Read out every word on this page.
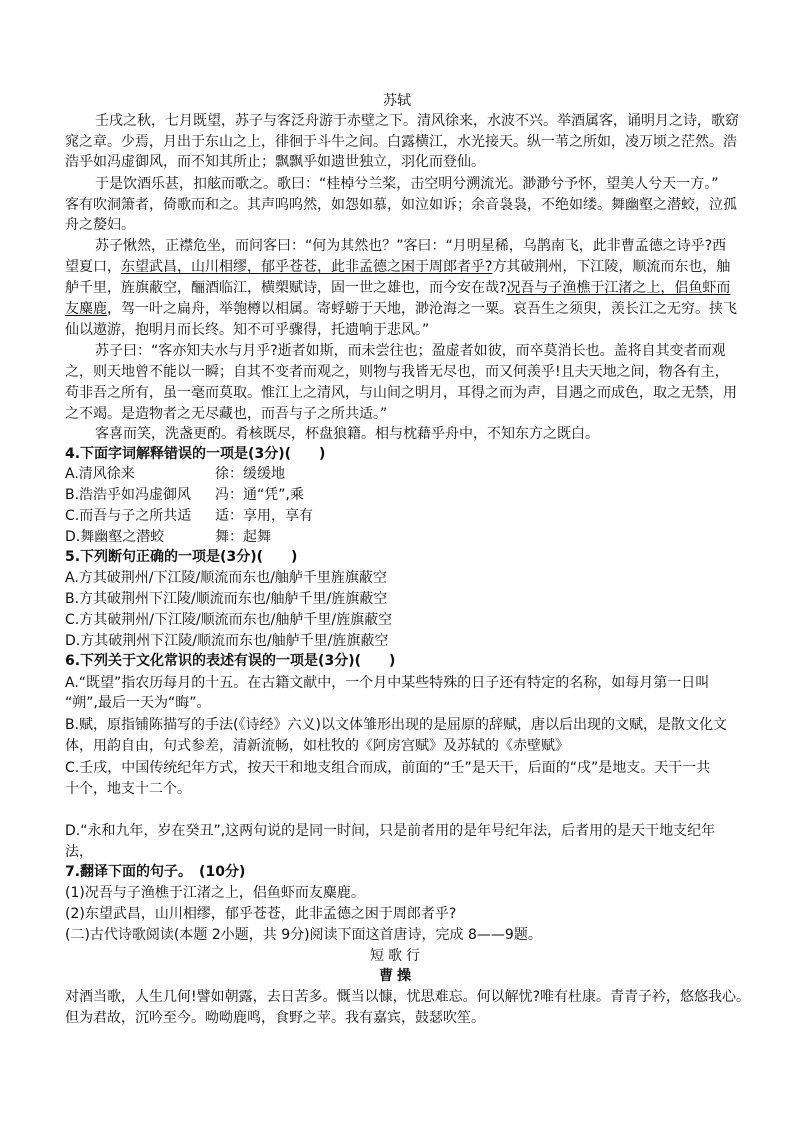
苏轼
壬戌之秋，七月既望，苏子与客泛舟游于赤壁之下。清风徐来，水波不兴。举酒属客，诵明月之诗，歌窈
窕之章。少焉，月出于东山之上，徘徊于斗牛之间。白露横江，水光接天。纵一苇之所如，凌万顷之茫然。浩
浩乎如冯虚御风，而不知其所止；飘飘乎如遗世独立，羽化而登仙。
于是饮酒乐甚，扣舷而歌之。歌曰：“桂棹兮兰桨，击空明兮溯流光。渺渺兮予怀，望美人兮天一方。”
客有吹洞箫者，倚歌而和之。其声呜呜然，如怨如慕，如泣如诉；余音袅袅，不绝如缕。舞幽壑之潜蛟，泣孤
舟之嫠妇。
苏子愀然，正襟危坐，而问客曰：“何为其然也？”客曰：“月明星稀，乌鹊南飞，此非曹孟德之诗乎?西
望夏口，东望武昌，山川相缪，郁乎苍苍，此非孟德之困于周郎者乎?方其破荆州，下江陵，顺流而东也，舳
舻千里，旌旗蔽空，酾酒临江，横槊赋诗，固一世之雄也，而今安在哉?况吾与子渔樵于江渚之上，侣鱼虾而
友麋鹿，驾一叶之扁舟，举匏樽以相属。寄蜉蝣于天地，渺沧海之一粟。哀吾生之须臾，羡长江之无穷。挟飞
仙以遨游，抱明月而长终。知不可乎骤得，托遗响于悲风。”
苏子曰：“客亦知夫水与月乎?逝者如斯，而未尝往也；盈虚者如彼，而卒莫消长也。盖将自其变者而观
之，则天地曾不能以一瞬；自其不变者而观之，则物与我皆无尽也，而又何羡乎!且夫天地之间，物各有主，
苟非吾之所有，虽一毫而莫取。惟江上之清风，与山间之明月，耳得之而为声，目遇之而成色，取之无禁，用
之不竭。是造物者之无尽藏也，而吾与子之所共适。”
客喜而笑，洗盏更酌。肴核既尽，杯盘狼籍。相与枕藉乎舟中，不知东方之既白。
4.下面字词解释错误的一项是(3分)(　　)
A.清风徐来	徐：缓缓地
B.浩浩乎如冯虚御风 冯：通“凭”,乘
C.而吾与子之所共适 适：享用，享有
D.舞幽壑之潜蛟	舞：起舞
5.下列断句正确的一项是(3分)(　　)
A.方其破荆州/下江陵/顺流而东也/舳舻千里旌旗蔽空
B.方其破荆州下江陵/顺流而东也/舳舻千里/旌旗蔽空
C.方其破荆州/下江陵/顺流而东也/舳舻千里/旌旗蔽空
D.方其破荆州下江陵/顺流而东也/舳舻千里/旌旗蔽空
6.下列关于文化常识的表述有误的一项是(3分)(　　)
A.“既望”指农历每月的十五。在古籍文献中，一个月中某些特殊的日子还有特定的名称，如每月第一日叫
“朔”,最后一天为“晦”。
B.赋，原指铺陈描写的手法(《诗经》六义)以文体雏形出现的是屈原的辞赋，唐以后出现的文赋，是散文化文
体，用韵自由，句式参差，清新流畅，如杜牧的《阿房宫赋》及苏轼的《赤壁赋》
C.壬戌，中国传统纪年方式，按天干和地支组合而成，前面的“壬”是天干，后面的“戌”是地支。天干一共
十个，地支十二个。
D.“永和九年，岁在癸丑”,这两句说的是同一时间，只是前者用的是年号纪年法，后者用的是天干地支纪年
法，
7.翻译下面的句子。　(10分)
(1)况吾与子渔樵于江渚之上，侣鱼虾而友麋鹿。
(2)东望武昌，山川相缪，郁乎苍苍，此非孟德之困于周郎者乎?
(二)古代诗歌阅读(本题 2小题，共 9分)阅读下面这首唐诗，完成 8——9题。
短歌行
曹操
对酒当歌，人生几何!譬如朝露，去日苦多。慨当以慷，忧思难忘。何以解忧?唯有杜康。青青子衿，悠悠我心。
但为君故，沉吟至今。呦呦鹿鸣，食野之苹。我有嘉宾，鼓瑟吹笙。
